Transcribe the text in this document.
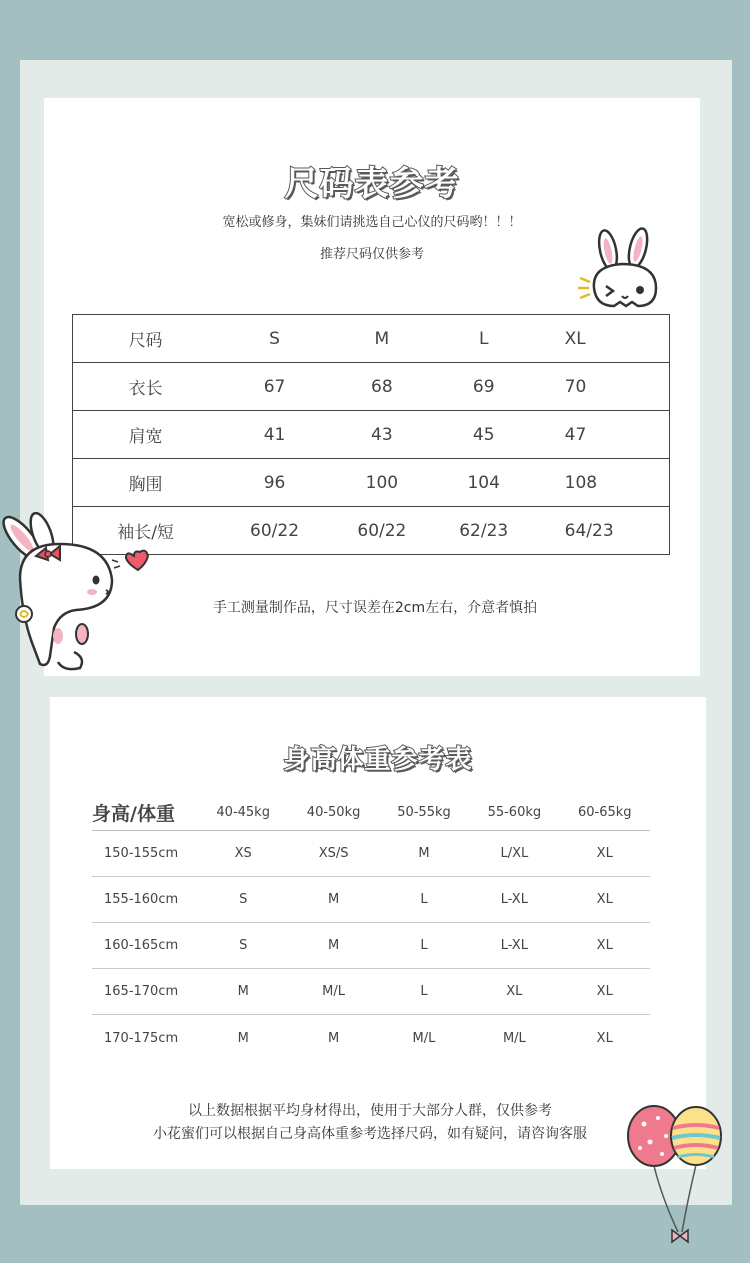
尺码表参考
宽松或修身，集妹们请挑选自己心仪的尺码哟！！！
推荐尺码仅供参考
尺码	S	M	L	XL
衣长	67	68	69	70
肩宽	41	43	45	47
胸围	96	100	104	108
袖长/短	60/22	60/22	62/23	64/23
手工测量制作品，尺寸误差在2cm左右，介意者慎拍
身高体重参考表
身高/体重	40-45kg	40-50kg	50-55kg	55-60kg	60-65kg
150-155cm	XS	XS/S	M	L/XL	XL
155-160cm	S	M	L	L-XL	XL
160-165cm	S	M	L	L-XL	XL
165-170cm	M	M/L	L	XL	XL
170-175cm	M	M	M/L	M/L	XL
以上数据根据平均身材得出，使用于大部分人群，仅供参考
小花蜜们可以根据自己身高体重参考选择尺码，如有疑问，请咨询客服
